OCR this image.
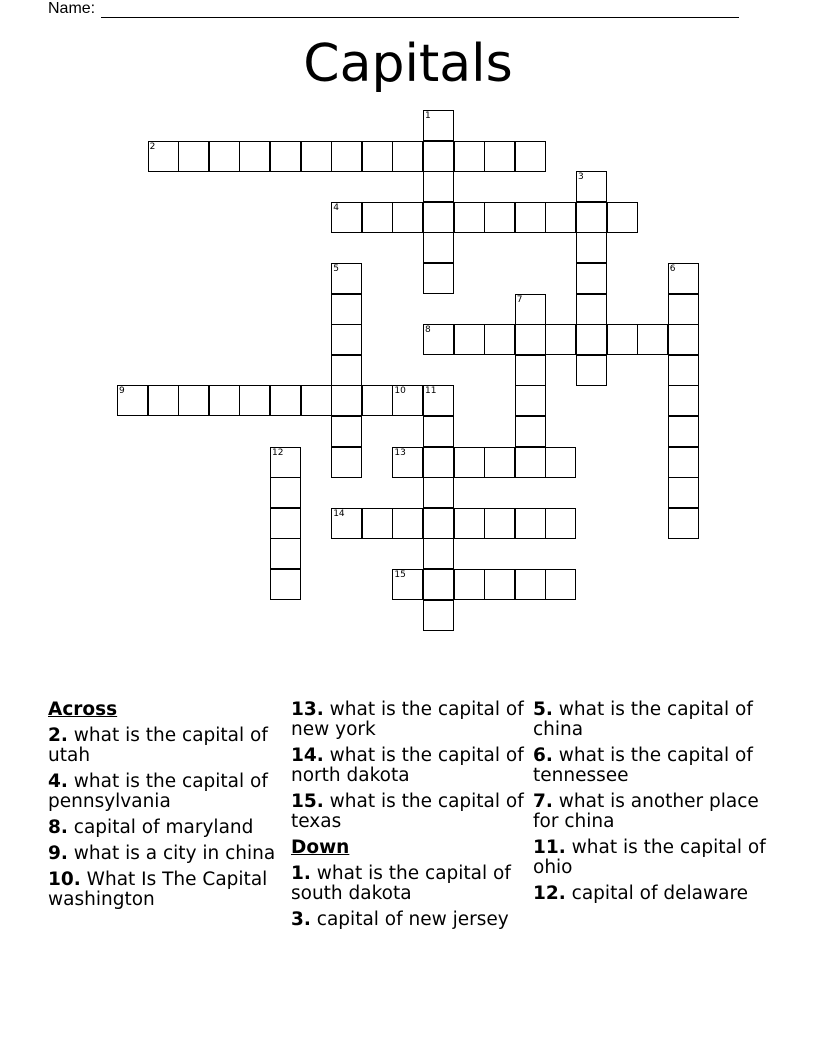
Name:
Capitals
1
2
3
4
5	6
7
8
9	10 11
12	13
14
15
Across
2. what is the capital of utah
4. what is the capital of pennsylvania
8. capital of maryland
9. what is a city in china
10. What Is The Capital washington
13. what is the capital of new york
14. what is the capital of north dakota
15. what is the capital of texas
Down
1. what is the capital of south dakota
3. capital of new jersey
5. what is the capital of china
6. what is the capital of tennessee
7. what is another place for china
11. what is the capital of ohio
12. capital of delaware
